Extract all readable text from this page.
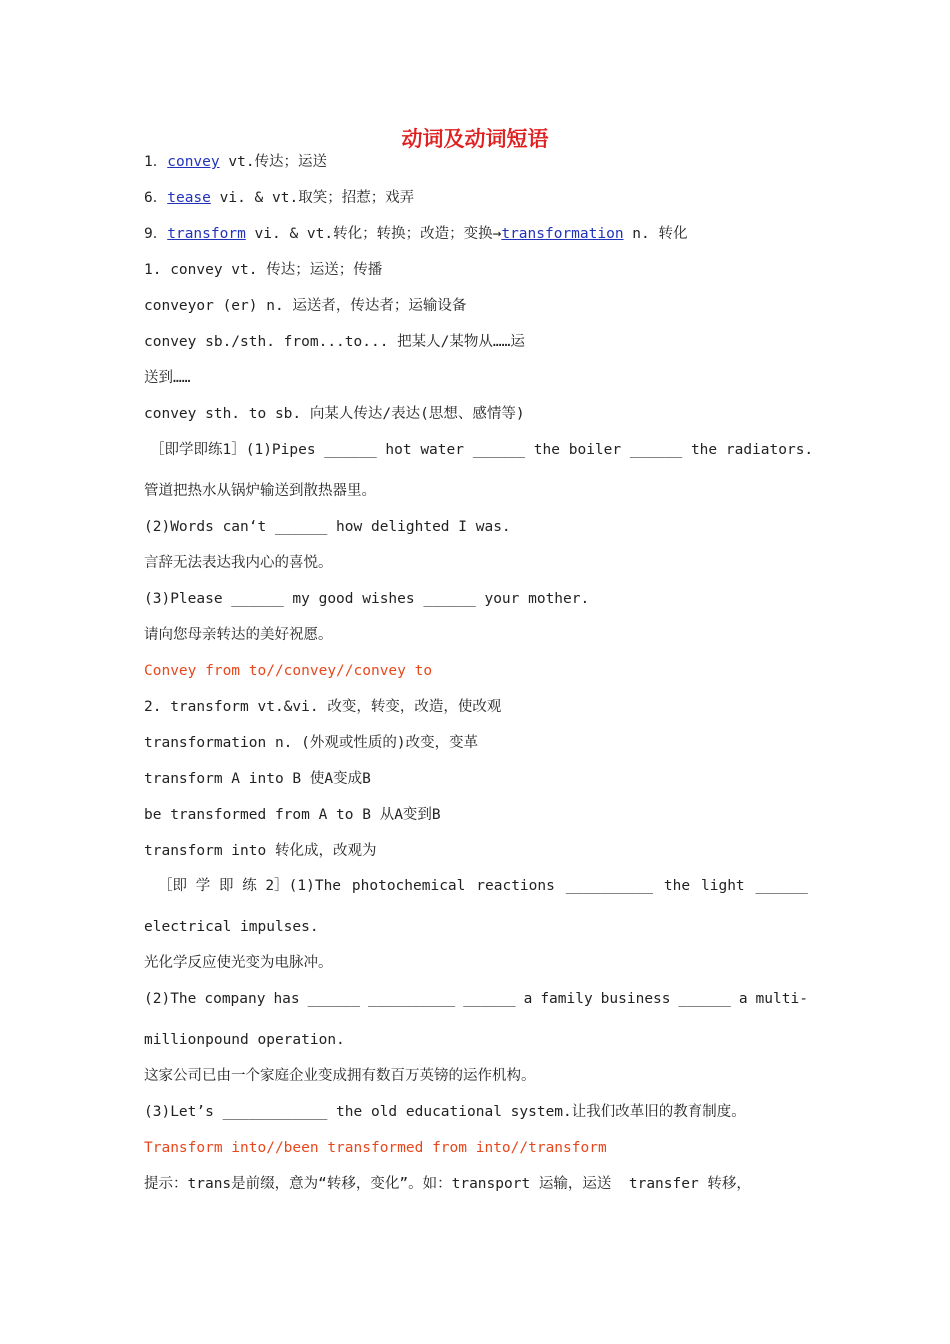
动词及动词短语
1．convey vt.传达；运送
6．tease vi. & vt.取笑；招惹；戏弄
9．transform vi. & vt.转化；转换；改造；变换→transformation n. 转化
1. convey vt. 传达；运送；传播
conveyor (er) n. 运送者，传达者；运输设备
convey sb./sth. from...to... 把某人/某物从……运
送到……
convey sth. to sb. 向某人传达/表达(思想、感情等)
［即学即练1］(1)Pipes ______ hot water ______ the boiler ______ the radiators.
管道把热水从锅炉输送到散热器里。
(2)Words can‘t ______ how delighted I was.
言辞无法表达我内心的喜悦。
(3)Please ______ my good wishes ______ your mother.
请向您母亲转达的美好祝愿。
Convey from to//convey//convey to
2. transform vt.&vi. 改变，转变，改造，使改观
transformation n. (外观或性质的)改变，变革
transform A into B 使A变成B
be transformed from A to B 从A变到B
transform into 转化成，改观为
［即 学 即 练 2］(1)The photochemical reactions __________ the light ______
electrical impulses.
光化学反应使光变为电脉冲。
(2)The company has ______ __________ ______ a family business ______ a multi-
millionpound operation.
这家公司已由一个家庭企业变成拥有数百万英镑的运作机构。
(3)Let’s ____________ the old educational system.让我们改革旧的教育制度。
Transform into//been transformed from into//transform
提示：trans是前缀，意为“转移，变化”。如：transport 运输，运送  transfer 转移，
